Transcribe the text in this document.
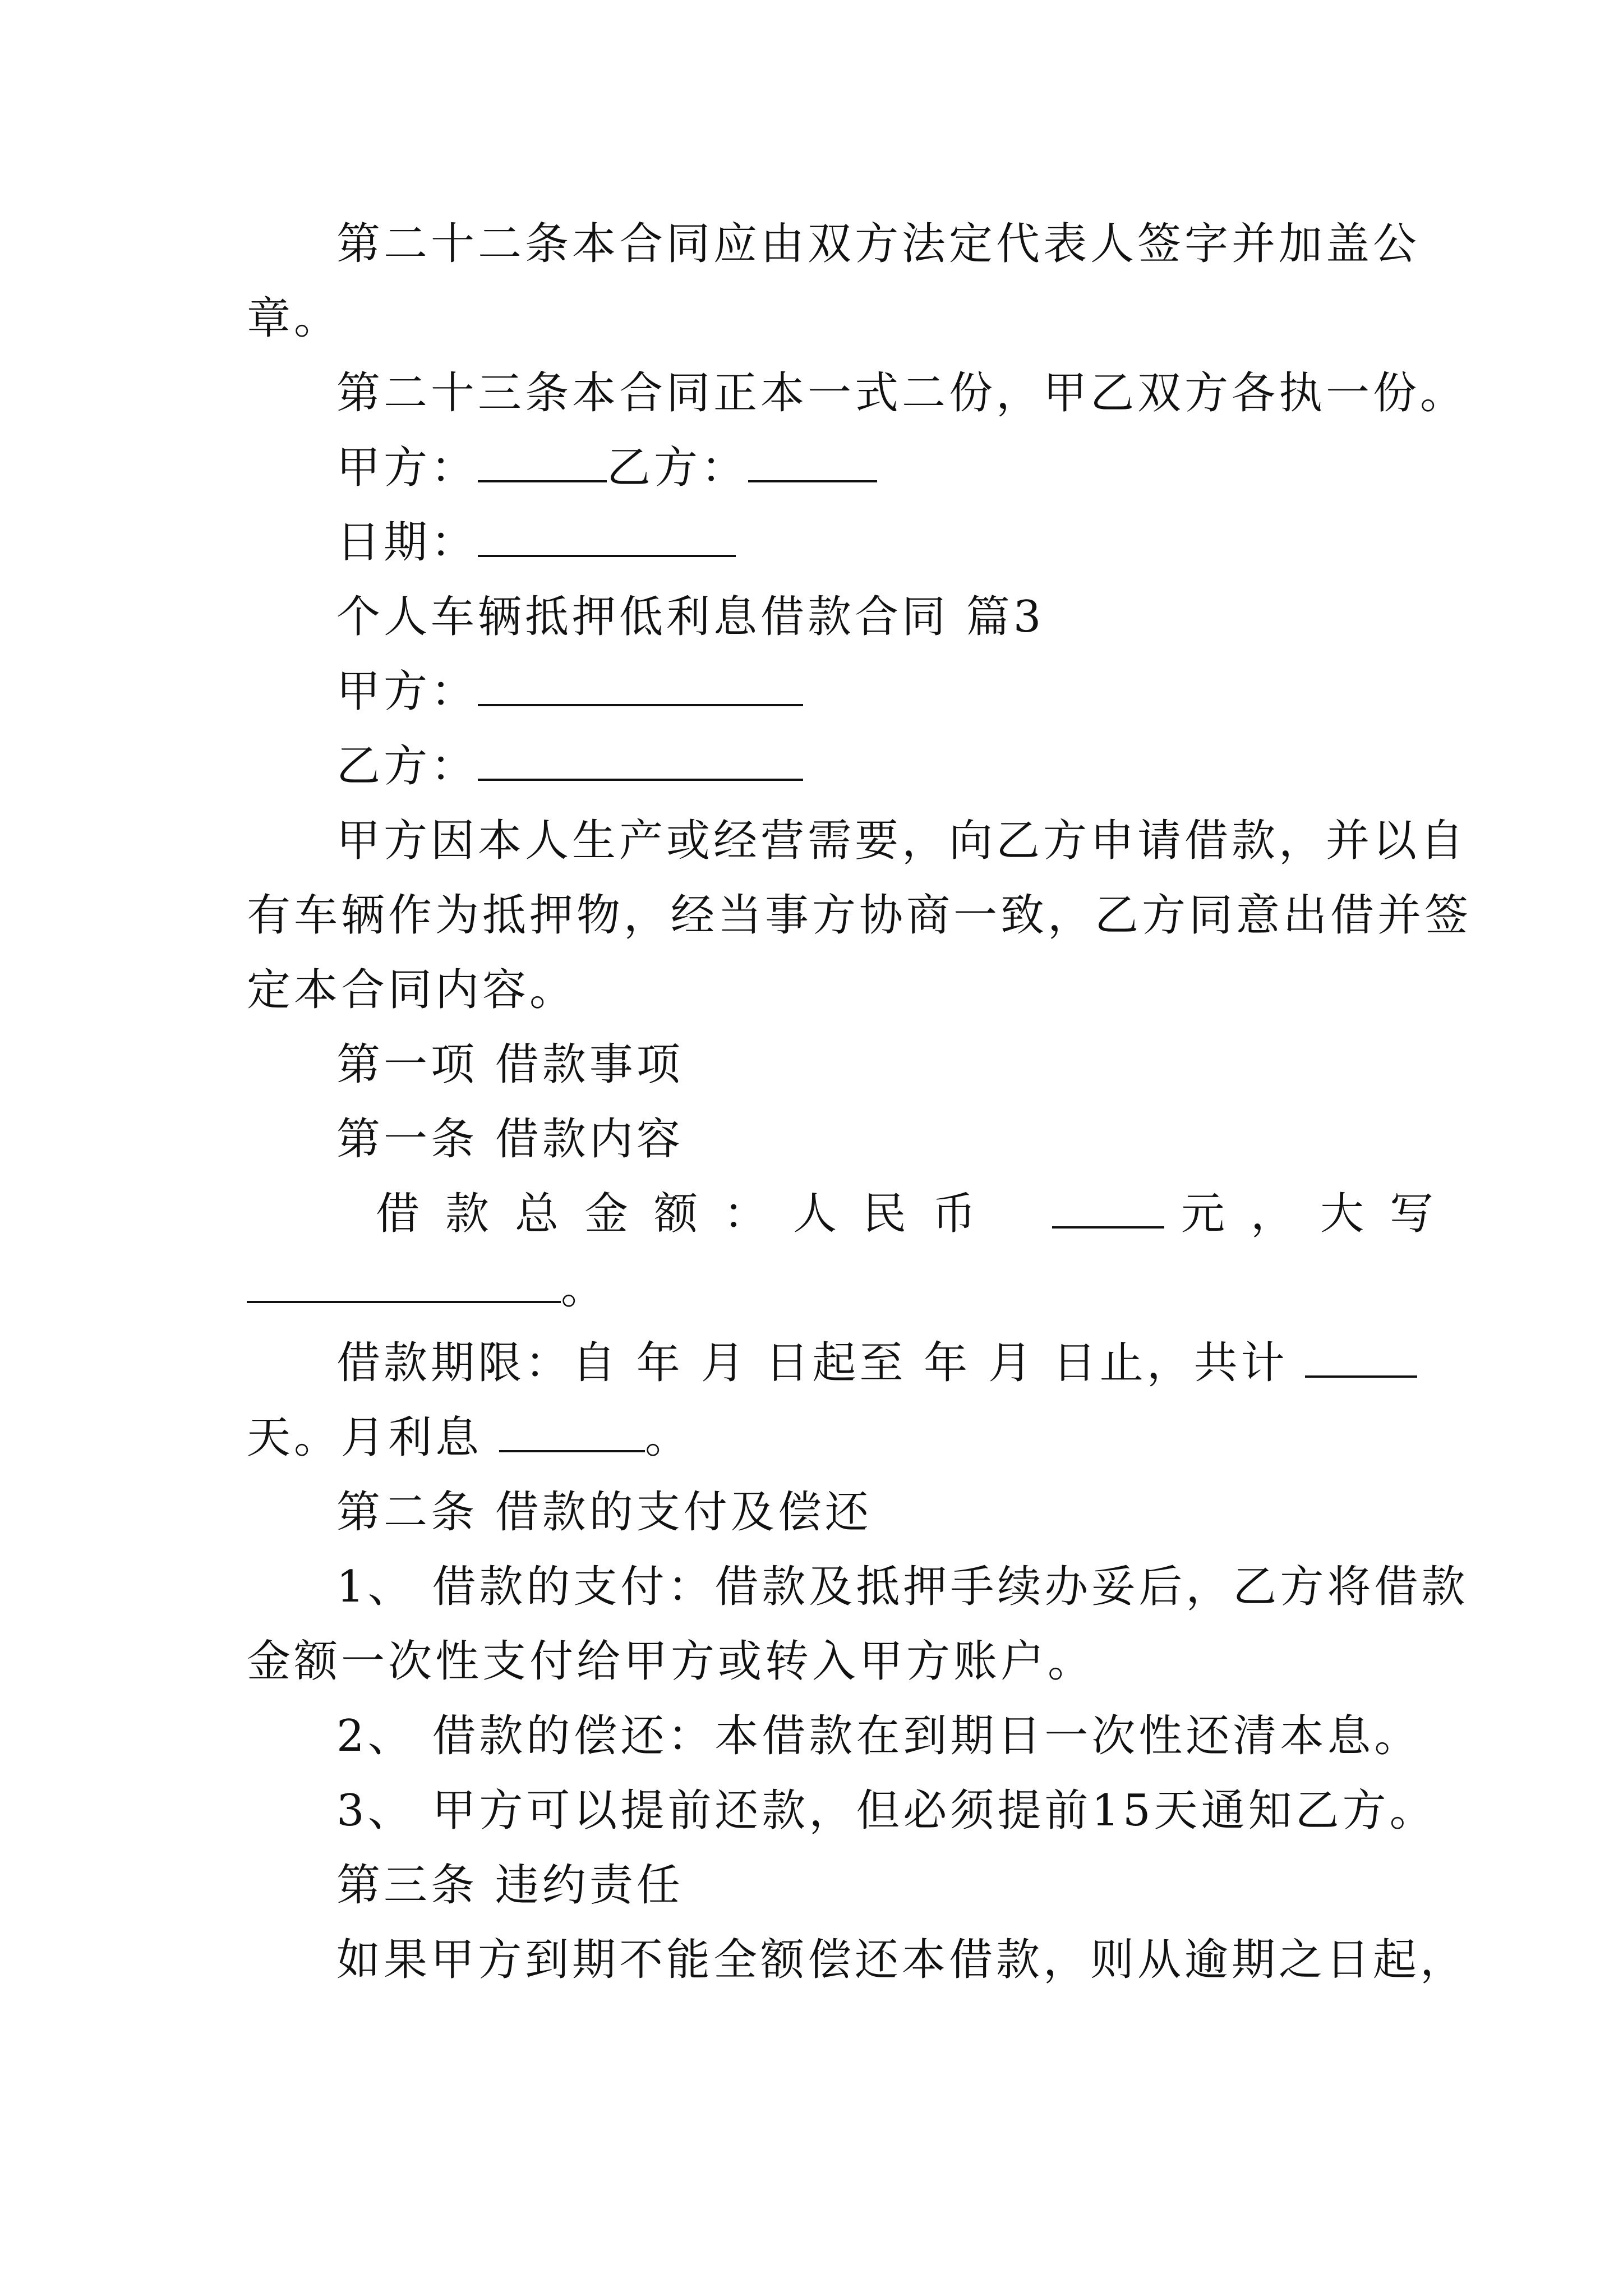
第二十二条本合同应由双方法定代表人签字并加盖公
章。
第二十三条本合同正本一式二份，甲乙双方各执一份。
甲方：	乙方：
日期：
个人车辆抵押低利息借款合同 篇3
甲方：
乙方：
甲方因本人生产或经营需要，向乙方申请借款，并以自
有车辆作为抵押物，经当事方协商一致，乙方同意出借并签
定本合同内容。
第一项 借款事项
第一条 借款内容
借款总金额：人民币	元，大写
。
借款期限：自 年 月 日起至 年 月 日止，共计
天。月利息	。
第二条 借款的支付及偿还
1、 借款的支付：借款及抵押手续办妥后，乙方将借款
金额一次性支付给甲方或转入甲方账户。
2、 借款的偿还：本借款在到期日一次性还清本息。
3、 甲方可以提前还款，但必须提前15天通知乙方。
第三条 违约责任
如果甲方到期不能全额偿还本借款，则从逾期之日起，
